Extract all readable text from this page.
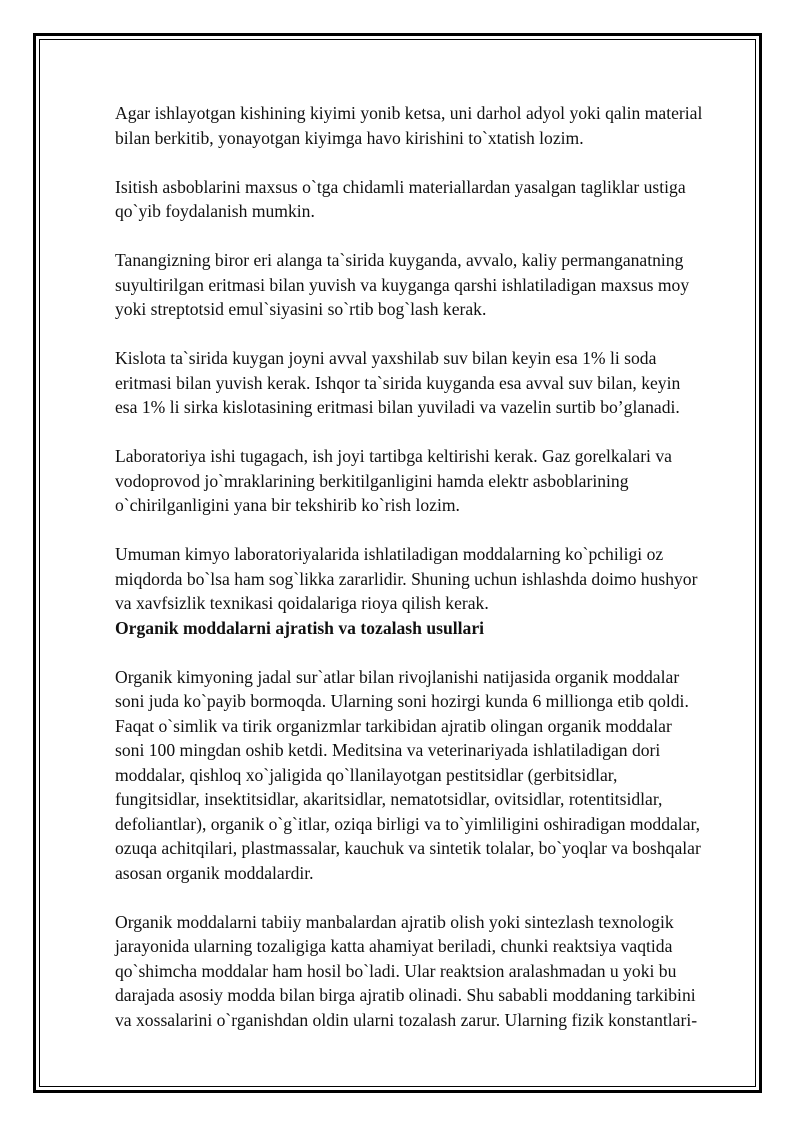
Agar ishlayotgan kishining kiyimi yonib ketsa, uni darhol adyol yoki qalin material
bilan berkitib, yonayotgan kiyimga havo kirishini to`xtatish lozim.
Isitish asboblarini maxsus o`tga chidamli materiallardan yasalgan tagliklar ustiga
qo`yib foydalanish mumkin.
Tanangizning biror eri alanga ta`sirida kuyganda, avvalo, kaliy permanganatning
suyultirilgan eritmasi bilan yuvish va kuyganga qarshi ishlatiladigan maxsus moy
yoki streptotsid emul`siyasini so`rtib bog`lash kerak.
Kislota ta`sirida kuygan joyni avval yaxshilab suv bilan keyin esa 1% li soda
eritmasi bilan yuvish kerak. Ishqor ta`sirida kuyganda esa avval suv bilan, keyin
esa 1% li sirka kislotasining eritmasi bilan yuviladi va vazelin surtib bo’glanadi.
Laboratoriya ishi tugagach, ish joyi tartibga keltirishi kerak. Gaz gorelkalari va
vodoprovod jo`mraklarining berkitilganligini hamda elektr asboblarining
o`chirilganligini yana bir tekshirib ko`rish lozim.
Umuman kimyo laboratoriyalarida ishlatiladigan moddalarning ko`pchiligi oz
miqdorda bo`lsa ham sog`likka zararlidir. Shuning uchun ishlashda doimo hushyor
va xavfsizlik texnikasi qoidalariga rioya qilish kerak.
Organik moddalarni ajratish va tozalash usullari
Organik kimyoning jadal sur`atlar bilan rivojlanishi natijasida organik moddalar
soni juda ko`payib bormoqda. Ularning soni hozirgi kunda 6 millionga etib qoldi.
Faqat o`simlik va tirik organizmlar tarkibidan ajratib olingan organik moddalar
soni 100 mingdan oshib ketdi. Meditsina va veterinariyada ishlatiladigan dori
moddalar, qishloq xo`jaligida qo`llanilayotgan pestitsidlar (gerbitsidlar,
fungitsidlar, insektitsidlar, akaritsidlar, nematotsidlar, ovitsidlar, rotentitsidlar,
defoliantlar), organik o`g`itlar, oziqa birligi va to`yimliligini oshiradigan moddalar,
ozuqa achitqilari, plastmassalar, kauchuk va sintetik tolalar, bo`yoqlar va boshqalar
asosan organik moddalardir.
Organik moddalarni tabiiy manbalardan ajratib olish yoki sintezlash texnologik
jarayonida ularning tozaligiga katta ahamiyat beriladi, chunki reaktsiya vaqtida
qo`shimcha moddalar ham hosil bo`ladi. Ular reaktsion aralashmadan u yoki bu
darajada asosiy modda bilan birga ajratib olinadi. Shu sababli moddaning tarkibini
va xossalarini o`rganishdan oldin ularni tozalash zarur. Ularning fizik konstantlari-
